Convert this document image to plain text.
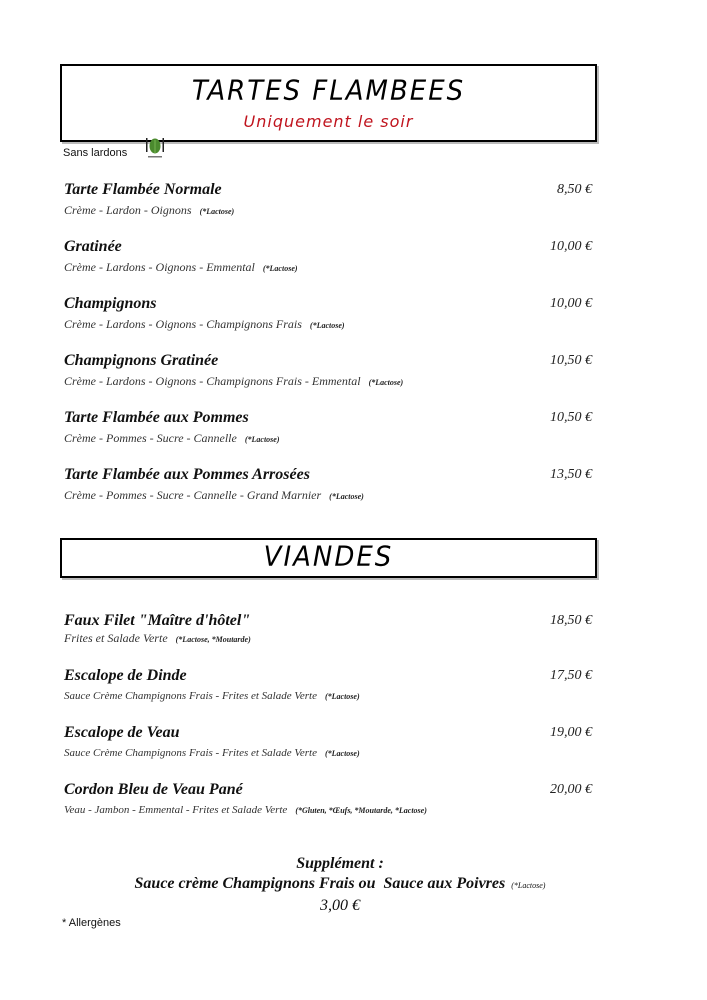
TARTES FLAMBEES
Uniquement le soir
Sans lardons
Tarte Flambée Normale
Crème - Lardon - Oignons (*Lactose)
8,50 €
Gratinée
Crème - Lardons - Oignons - Emmental (*Lactose)
10,00 €
Champignons
Crème - Lardons - Oignons - Champignons Frais (*Lactose)
10,00 €
Champignons Gratinée
Crème - Lardons - Oignons - Champignons Frais - Emmental (*Lactose)
10,50 €
Tarte Flambée aux Pommes
Crème - Pommes - Sucre - Cannelle (*Lactose)
10,50 €
Tarte Flambée aux Pommes Arrosées
Crème - Pommes - Sucre - Cannelle - Grand Marnier (*Lactose)
13,50 €
VIANDES
Faux Filet "Maître d'hôtel"
Frites et Salade Verte (*Lactose, *Moutarde)
18,50 €
Escalope de Dinde
Sauce Crème Champignons Frais - Frites et Salade Verte (*Lactose)
17,50 €
Escalope de Veau
Sauce Crème Champignons Frais - Frites et Salade Verte (*Lactose)
19,00 €
Cordon Bleu de Veau Pané
Veau - Jambon - Emmental - Frites et Salade Verte (*Gluten, *Œufs, *Moutarde, *Lactose)
20,00 €
Supplément :
Sauce crème Champignons Frais ou  Sauce aux Poivres (*Lactose)
3,00 €
* Allergènes
